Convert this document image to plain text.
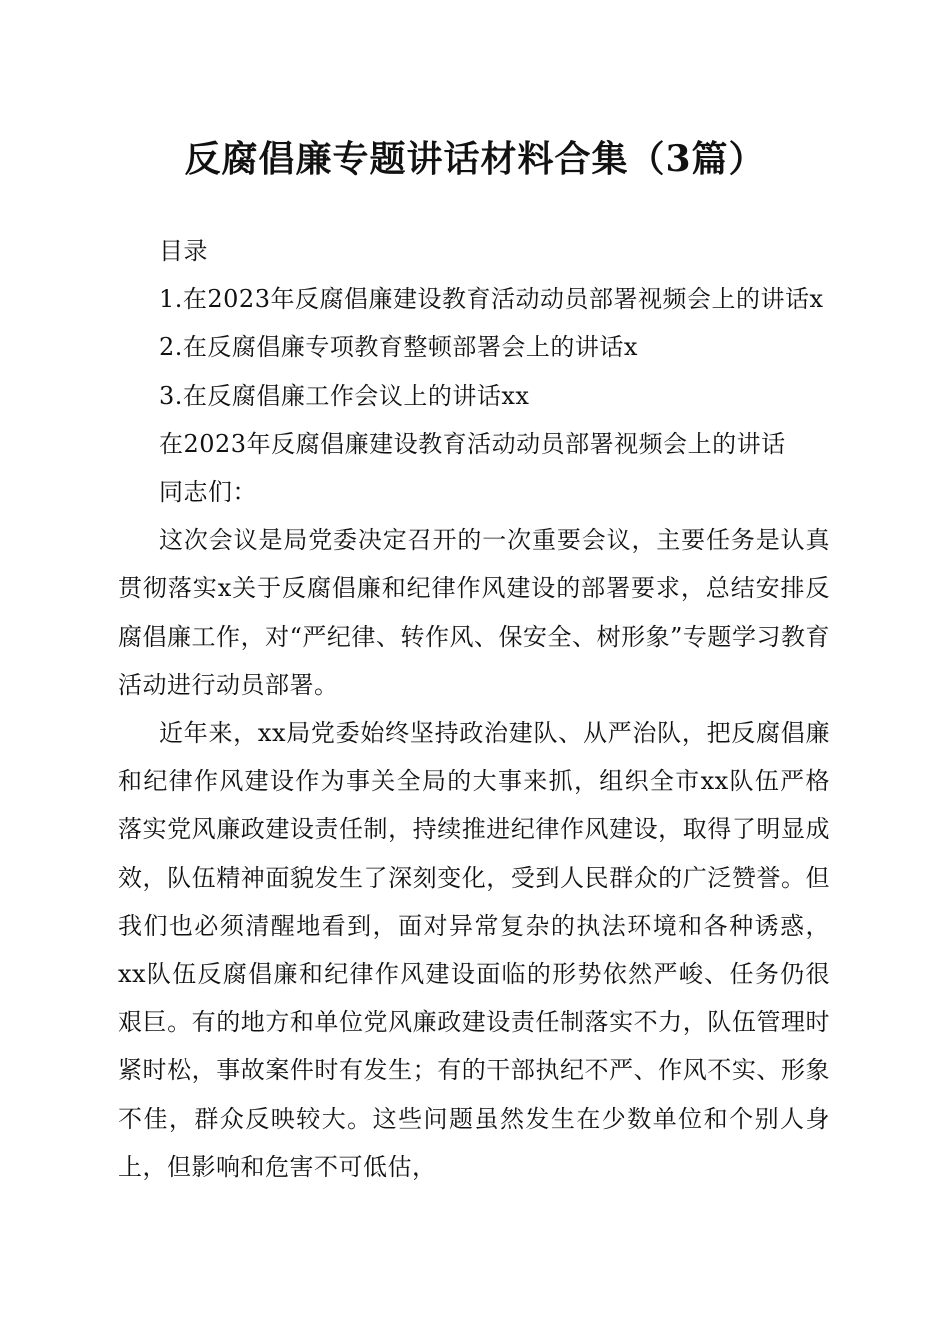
反腐倡廉专题讲话材料合集（3篇）

目录

1.在2023年反腐倡廉建设教育活动动员部署视频会上的讲话x

2.在反腐倡廉专项教育整顿部署会上的讲话x

3.在反腐倡廉工作会议上的讲话xx

在2023年反腐倡廉建设教育活动动员部署视频会上的讲话

同志们：

这次会议是局党委决定召开的一次重要会议，主要任务是认真贯彻落实x关于反腐倡廉和纪律作风建设的部署要求，总结安排反腐倡廉工作，对“严纪律、转作风、保安全、树形象”专题学习教育活动进行动员部署。

近年来，xx局党委始终坚持政治建队、从严治队，把反腐倡廉和纪律作风建设作为事关全局的大事来抓，组织全市xx队伍严格落实党风廉政建设责任制，持续推进纪律作风建设，取得了明显成效，队伍精神面貌发生了深刻变化，受到人民群众的广泛赞誉。但我们也必须清醒地看到，面对异常复杂的执法环境和各种诱惑，xx队伍反腐倡廉和纪律作风建设面临的形势依然严峻、任务仍很艰巨。有的地方和单位党风廉政建设责任制落实不力，队伍管理时紧时松，事故案件时有发生；有的干部执纪不严、作风不实、形象不佳，群众反映较大。这些问题虽然发生在少数单位和个别人身上，但影响和危害不可低估，
